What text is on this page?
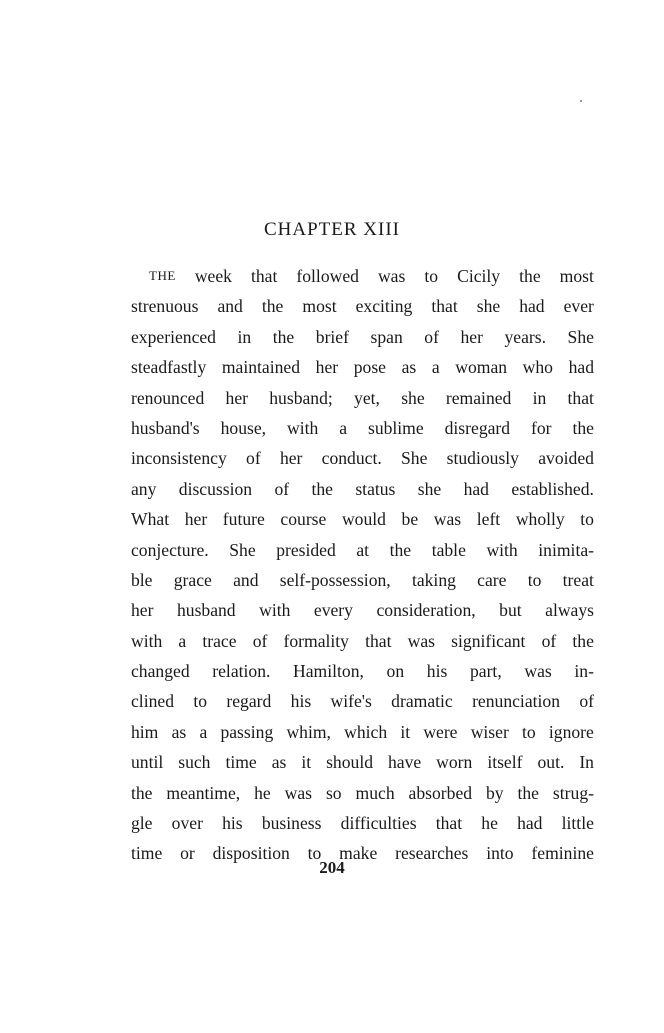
CHAPTER XIII
THE week that followed was to Cicily the most
strenuous and the most exciting that she had ever
experienced in the brief span of her years. She
steadfastly maintained her pose as a woman who had
renounced her husband; yet, she remained in that
husband's house, with a sublime disregard for the
inconsistency of her conduct. She studiously avoided
any discussion of the status she had established.
What her future course would be was left wholly to
conjecture. She presided at the table with inimita-
ble grace and self-possession, taking care to treat
her husband with every consideration, but always
with a trace of formality that was significant of the
changed relation. Hamilton, on his part, was in-
clined to regard his wife's dramatic renunciation of
him as a passing whim, which it were wiser to ignore
until such time as it should have worn itself out. In
the meantime, he was so much absorbed by the strug-
gle over his business difficulties that he had little
time or disposition to make researches into feminine
204
